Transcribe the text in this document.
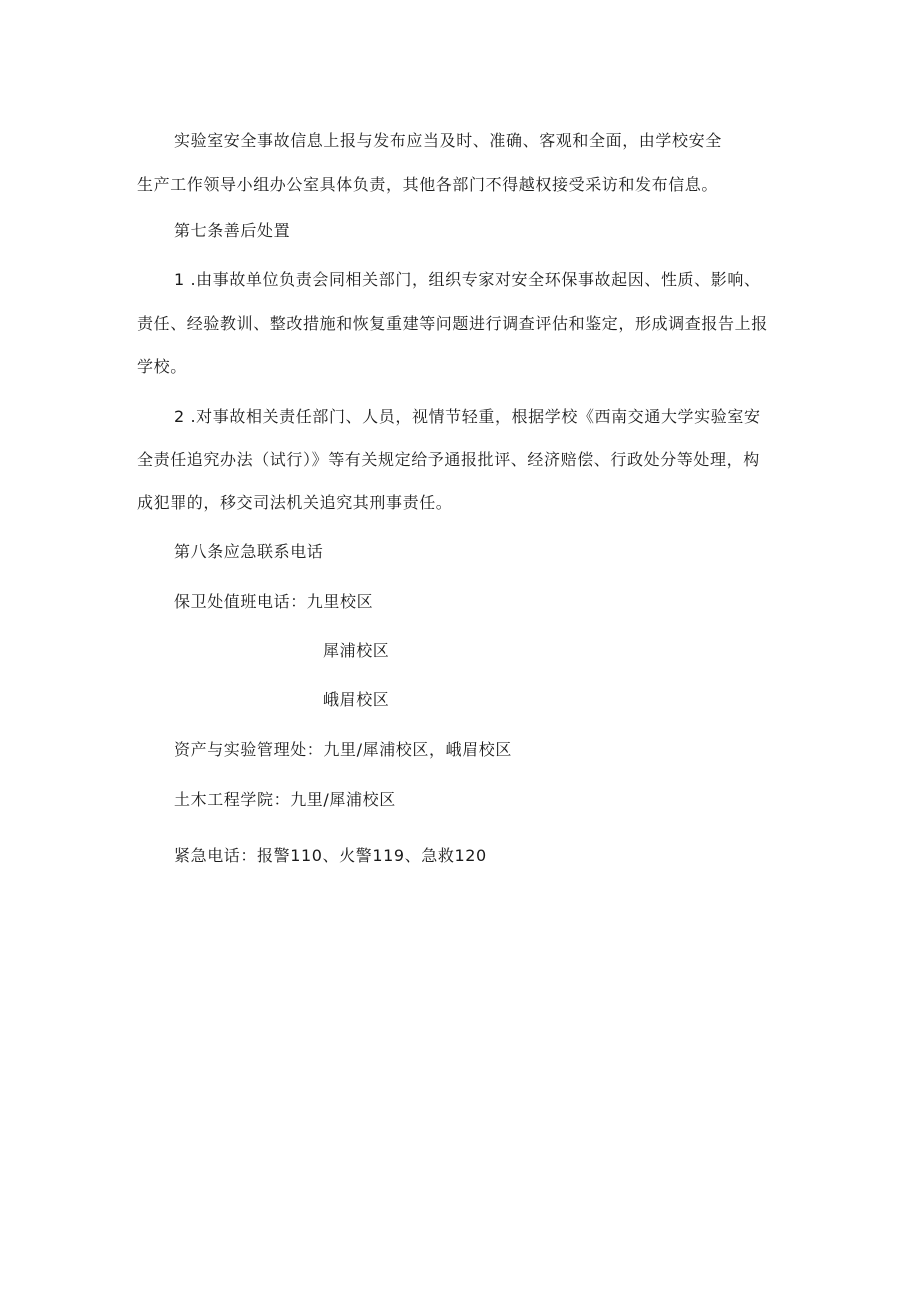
实验室安全事故信息上报与发布应当及时、准确、客观和全面，由学校安全
生产工作领导小组办公室具体负责，其他各部门不得越权接受采访和发布信息。
第七条善后处置
1 .由事故单位负责会同相关部门，组织专家对安全环保事故起因、性质、影响、
责任、经验教训、整改措施和恢复重建等问题进行调查评估和鉴定，形成调查报告上报
学校。
2 .对事故相关责任部门、人员，视情节轻重，根据学校《西南交通大学实验室安
全责任追究办法（试行）》等有关规定给予通报批评、经济赔偿、行政处分等处理，构
成犯罪的，移交司法机关追究其刑事责任。
第八条应急联系电话
保卫处值班电话：九里校区
犀浦校区
峨眉校区
资产与实验管理处：九里/犀浦校区，峨眉校区
土木工程学院：九里/犀浦校区
紧急电话：报警110、火警119、急救120
